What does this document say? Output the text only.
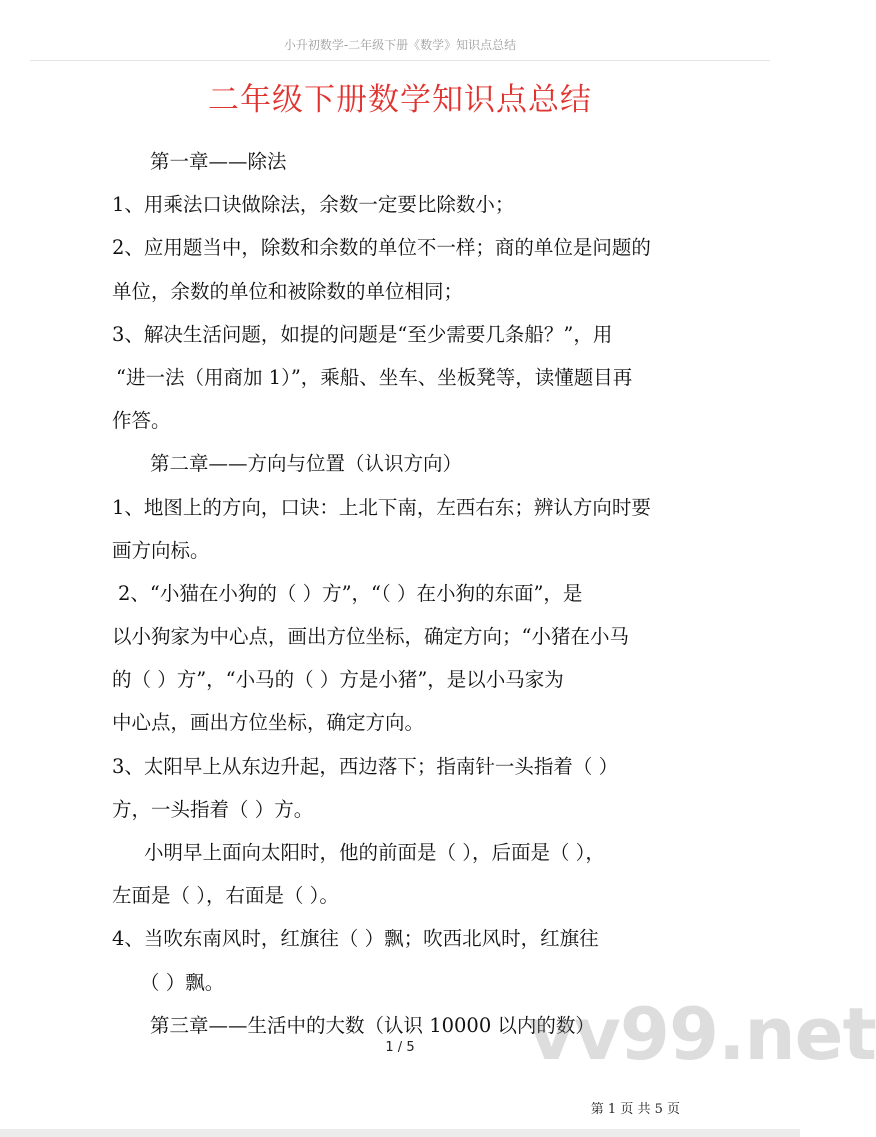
小升初数学-二年级下册《数学》知识点总结
二年级下册数学知识点总结
第一章——除法
1、用乘法口诀做除法，余数一定要比除数小；
2、应用题当中，除数和余数的单位不一样；商的单位是问题的
单位，余数的单位和被除数的单位相同；
3、解决生活问题，如提的问题是“至少需要几条船？”，用
“进一法（用商加 1）”，乘船、坐车、坐板凳等，读懂题目再
作答。
第二章——方向与位置（认识方向）
1、地图上的方向，口诀：上北下南，左西右东；辨认方向时要
画方向标。
2、“小猫在小狗的（ ）方”，“（ ）在小狗的东面”，是
以小狗家为中心点，画出方位坐标，确定方向；“小猪在小马
的（ ）方”，“小马的（ ）方是小猪”，是以小马家为
中心点，画出方位坐标，确定方向。
3、太阳早上从东边升起，西边落下；指南针一头指着（ ）
方，一头指着（ ）方。
小明早上面向太阳时，他的前面是（ ），后面是（ ），
左面是（ ），右面是（ ）。
4、当吹东南风时，红旗往（ ）飘；吹西北风时，红旗往
（ ）飘。
第三章——生活中的大数（认识 10000 以内的数）
vv99.net
1 / 5
第 1 页 共 5 页
